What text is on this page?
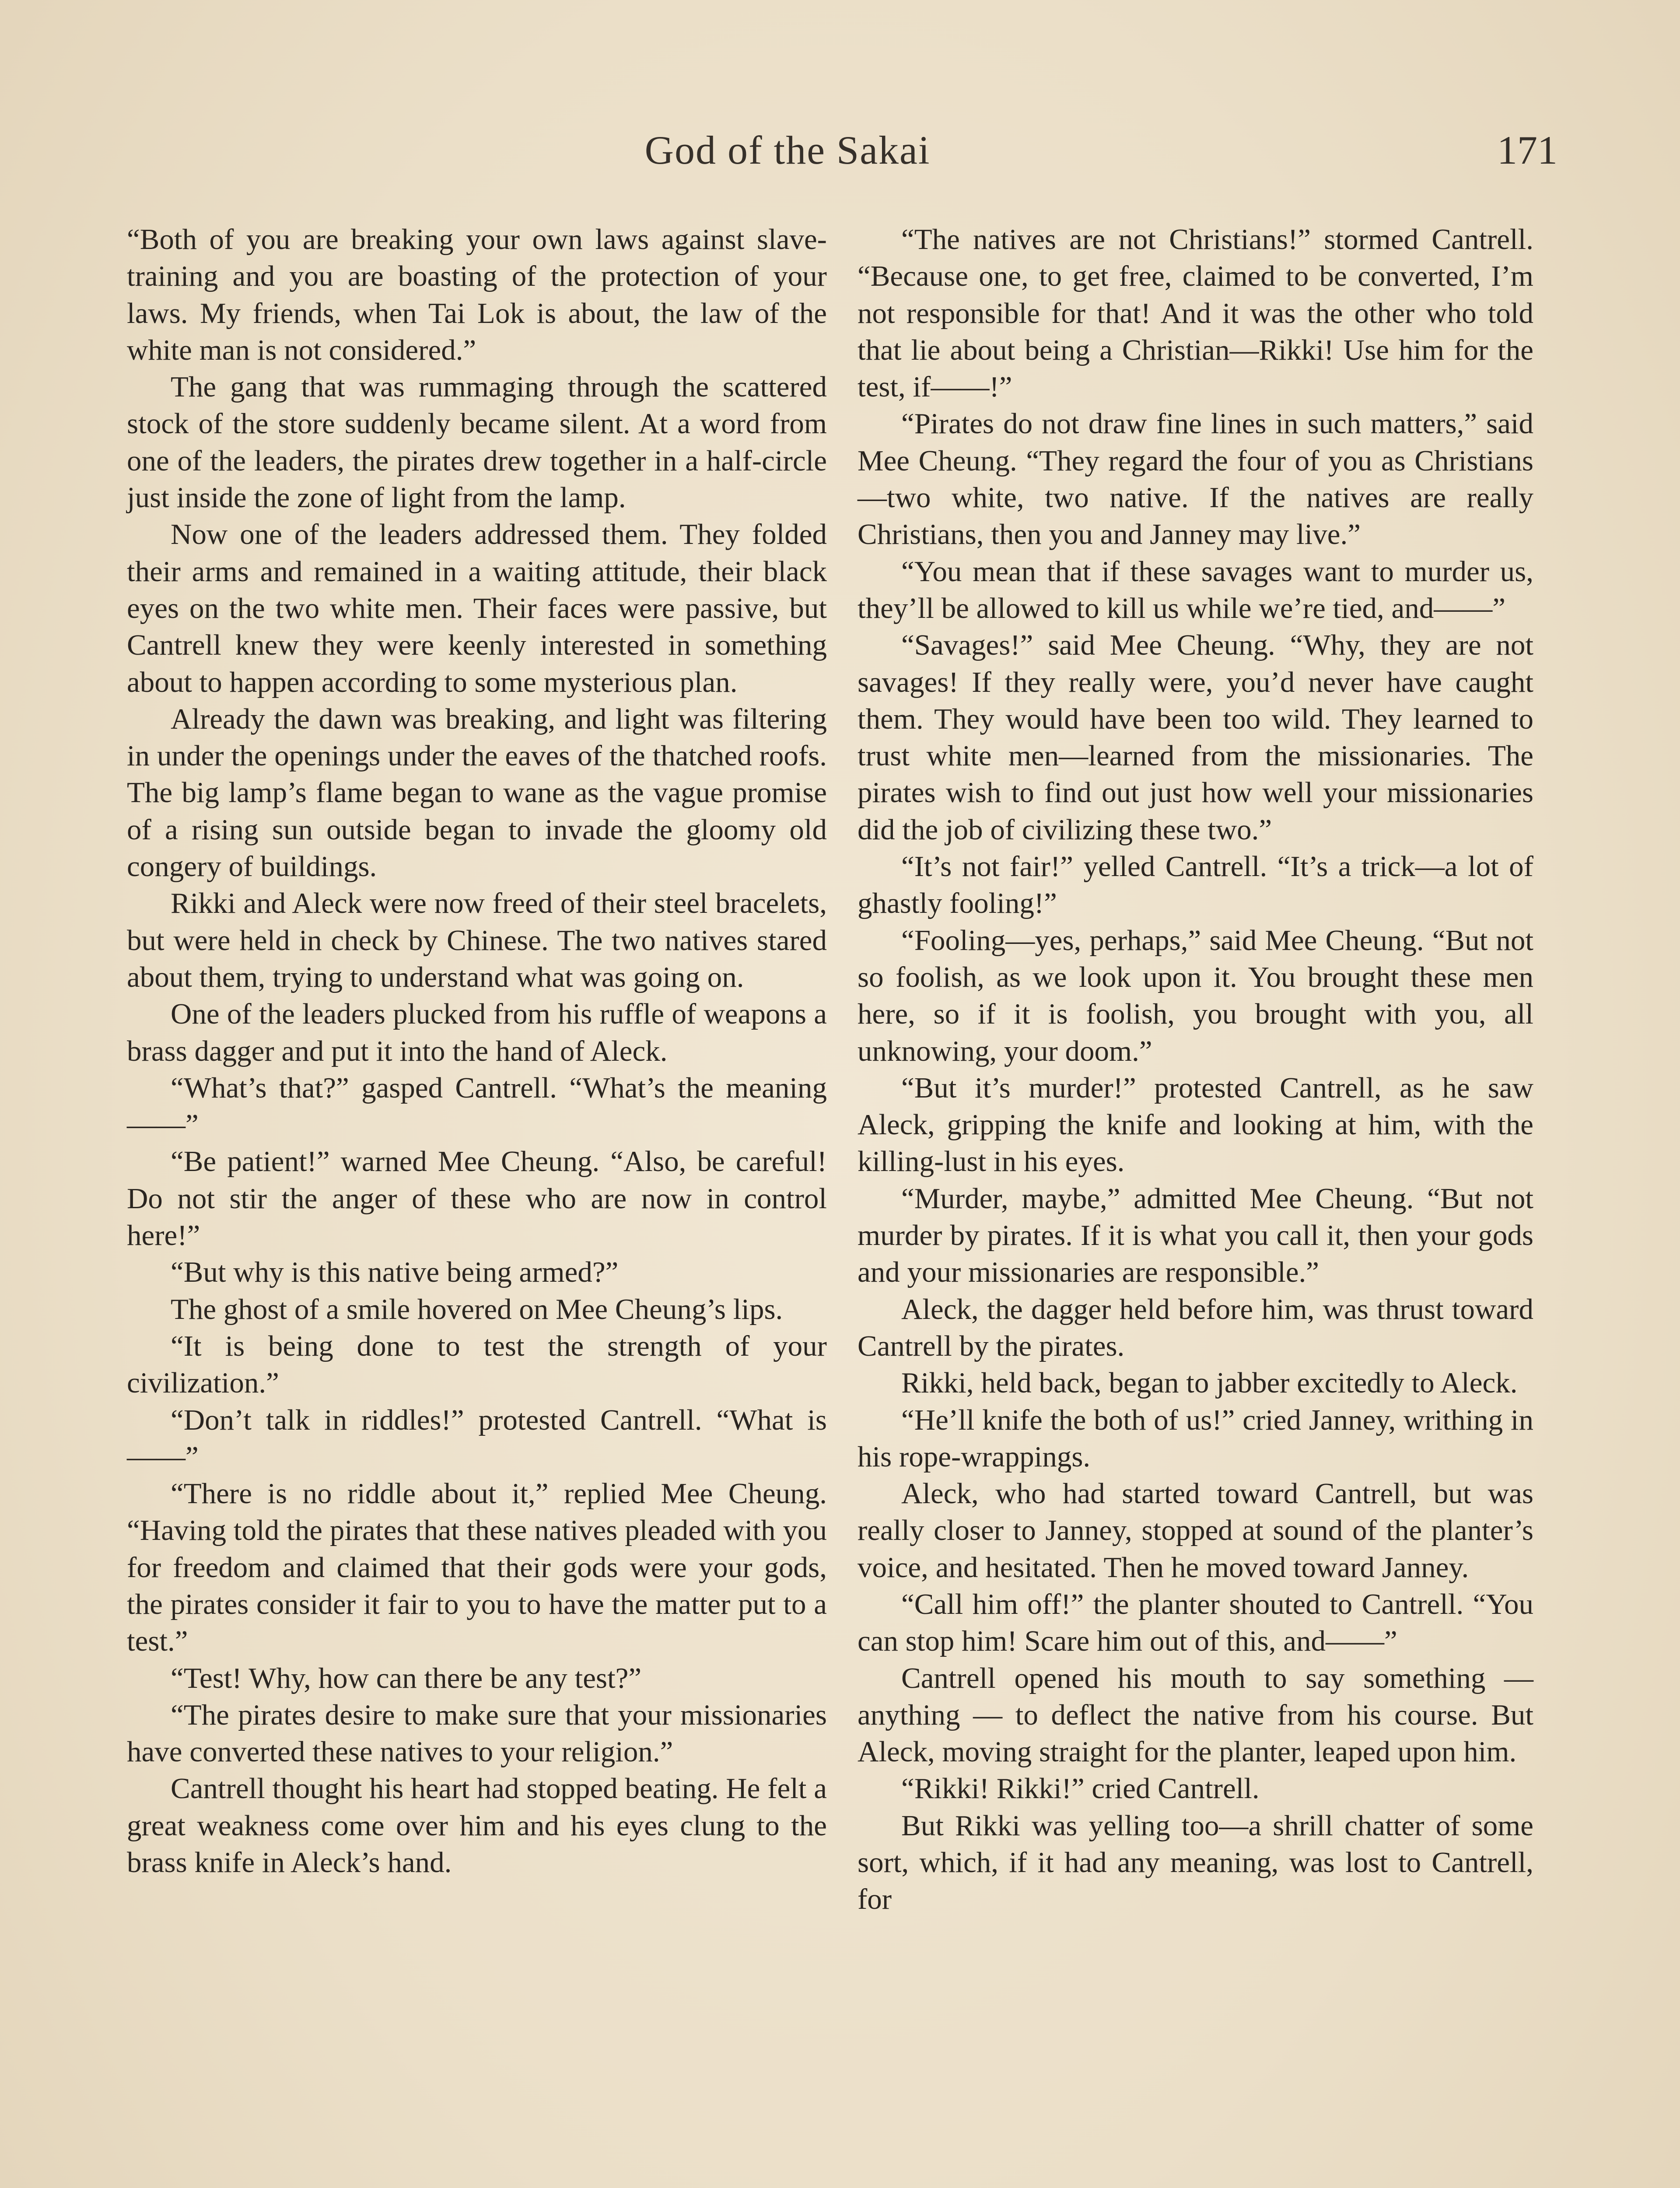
God of the Sakai	171

“Both of you are breaking your own laws against slave-training and you are boasting of the protection of your laws. My friends, when Tai Lok is about, the law of the white man is not considered.”

The gang that was rummaging through the scattered stock of the store suddenly became silent. At a word from one of the leaders, the pirates drew together in a half-circle just inside the zone of light from the lamp.

Now one of the leaders addressed them. They folded their arms and remained in a waiting attitude, their black eyes on the two white men. Their faces were passive, but Cantrell knew they were keenly interested in something about to happen according to some mysterious plan.

Already the dawn was breaking, and light was filtering in under the openings under the eaves of the thatched roofs. The big lamp’s flame began to wane as the vague promise of a rising sun outside began to invade the gloomy old congery of buildings.

Rikki and Aleck were now freed of their steel bracelets, but were held in check by Chinese. The two natives stared about them, trying to understand what was going on.

One of the leaders plucked from his ruffle of weapons a brass dagger and put it into the hand of Aleck.

“What’s that?” gasped Cantrell. “What’s the meaning——”

“Be patient!” warned Mee Cheung. “Also, be careful! Do not stir the anger of these who are now in control here!”

“But why is this native being armed?”

The ghost of a smile hovered on Mee Cheung’s lips.

“It is being done to test the strength of your civilization.”

“Don’t talk in riddles!” protested Cantrell. “What is——”

“There is no riddle about it,” replied Mee Cheung. “Having told the pirates that these natives pleaded with you for freedom and claimed that their gods were your gods, the pirates consider it fair to you to have the matter put to a test.”

“Test! Why, how can there be any test?”

“The pirates desire to make sure that your missionaries have converted these natives to your religion.”

Cantrell thought his heart had stopped beating. He felt a great weakness come over him and his eyes clung to the brass knife in Aleck’s hand.

“The natives are not Christians!” stormed Cantrell. “Because one, to get free, claimed to be converted, I’m not responsible for that! And it was the other who told that lie about being a Christian—Rikki! Use him for the test, if——!”

“Pirates do not draw fine lines in such matters,” said Mee Cheung. “They regard the four of you as Christians—two white, two native. If the natives are really Christians, then you and Janney may live.”

“You mean that if these savages want to murder us, they’ll be allowed to kill us while we’re tied, and——”

“Savages!” said Mee Cheung. “Why, they are not savages! If they really were, you’d never have caught them. They would have been too wild. They learned to trust white men—learned from the missionaries. The pirates wish to find out just how well your missionaries did the job of civilizing these two.”

“It’s not fair!” yelled Cantrell. “It’s a trick—a lot of ghastly fooling!”

“Fooling—yes, perhaps,” said Mee Cheung. “But not so foolish, as we look upon it. You brought these men here, so if it is foolish, you brought with you, all unknowing, your doom.”

“But it’s murder!” protested Cantrell, as he saw Aleck, gripping the knife and looking at him, with the killing-lust in his eyes.

“Murder, maybe,” admitted Mee Cheung. “But not murder by pirates. If it is what you call it, then your gods and your missionaries are responsible.”

Aleck, the dagger held before him, was thrust toward Cantrell by the pirates.

Rikki, held back, began to jabber excitedly to Aleck.

“He’ll knife the both of us!” cried Janney, writhing in his rope-wrappings.

Aleck, who had started toward Cantrell, but was really closer to Janney, stopped at sound of the planter’s voice, and hesitated. Then he moved toward Janney.

“Call him off!” the planter shouted to Cantrell. “You can stop him! Scare him out of this, and——”

Cantrell opened his mouth to say something — anything — to deflect the native from his course. But Aleck, moving straight for the planter, leaped upon him.

“Rikki! Rikki!” cried Cantrell.

But Rikki was yelling too—a shrill chatter of some sort, which, if it had any meaning, was lost to Cantrell, for
